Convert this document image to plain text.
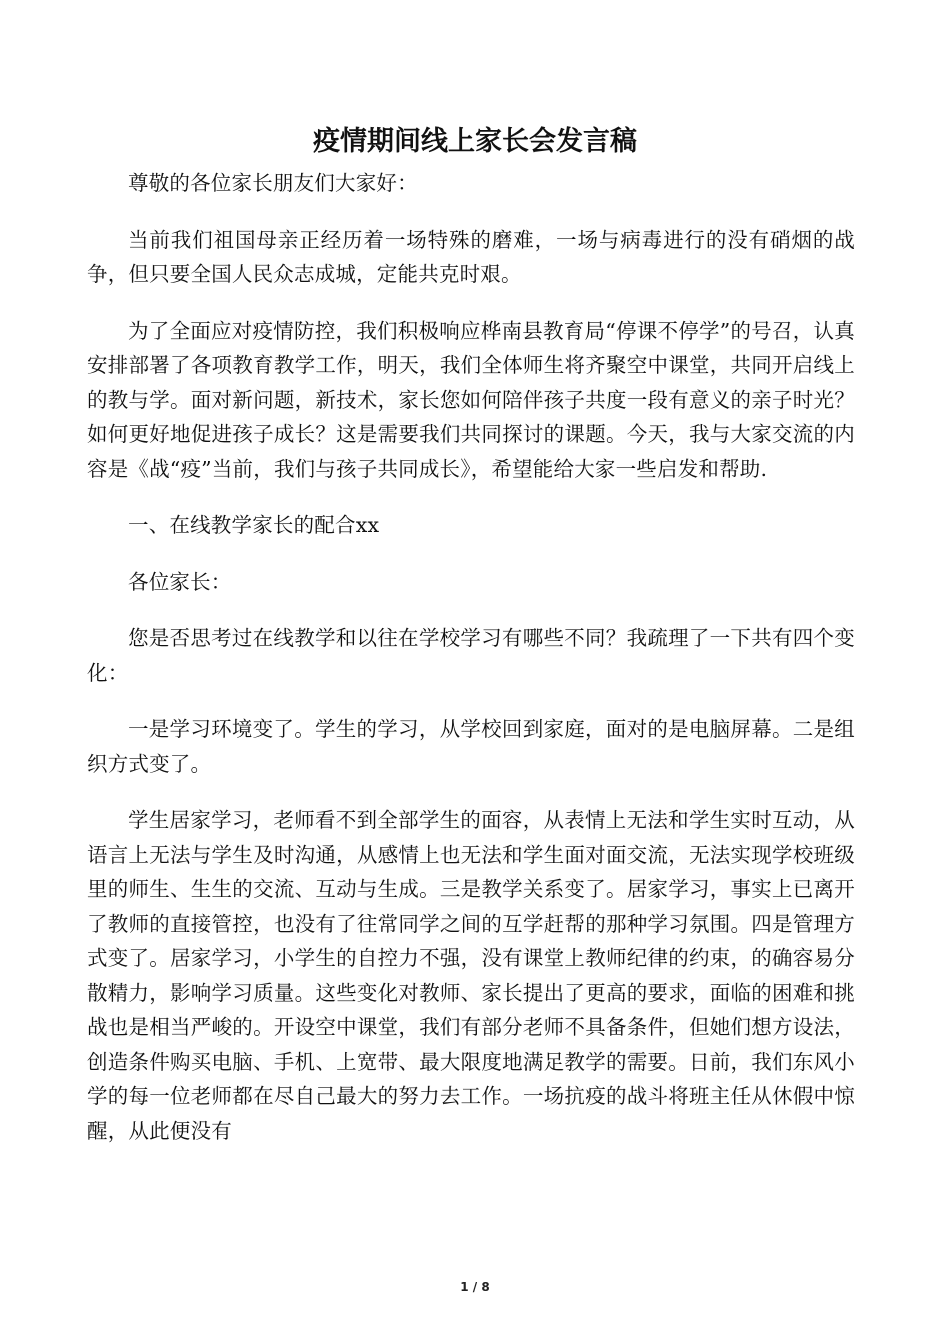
疫情期间线上家长会发言稿

尊敬的各位家长朋友们大家好：

当前我们祖国母亲正经历着一场特殊的磨难，一场与病毒进行的没有硝烟的战争，但只要全国人民众志成城，定能共克时艰。

为了全面应对疫情防控，我们积极响应桦南县教育局“停课不停学”的号召，认真安排部署了各项教育教学工作，明天，我们全体师生将齐聚空中课堂，共同开启线上的教与学。面对新问题，新技术，家长您如何陪伴孩子共度一段有意义的亲子时光？如何更好地促进孩子成长？这是需要我们共同探讨的课题。今天，我与大家交流的内容是《战“疫”当前，我们与孩子共同成长》，希望能给大家一些启发和帮助.

一、在线教学家长的配合xx

各位家长：

您是否思考过在线教学和以往在学校学习有哪些不同？我疏理了一下共有四个变化：

一是学习环境变了。学生的学习，从学校回到家庭，面对的是电脑屏幕。二是组织方式变了。

学生居家学习，老师看不到全部学生的面容，从表情上无法和学生实时互动，从语言上无法与学生及时沟通，从感情上也无法和学生面对面交流，无法实现学校班级里的师生、生生的交流、互动与生成。三是教学关系变了。居家学习，事实上已离开了教师的直接管控，也没有了往常同学之间的互学赶帮的那种学习氛围。四是管理方式变了。居家学习，小学生的自控力不强，没有课堂上教师纪律的约束，的确容易分散精力，影响学习质量。这些变化对教师、家长提出了更高的要求，面临的困难和挑战也是相当严峻的。开设空中课堂，我们有部分老师不具备条件，但她们想方设法，创造条件购买电脑、手机、上宽带、最大限度地满足教学的需要。日前，我们东风小学的每一位老师都在尽自己最大的努力去工作。一场抗疫的战斗将班主任从休假中惊醒，从此便没有

1 / 8
